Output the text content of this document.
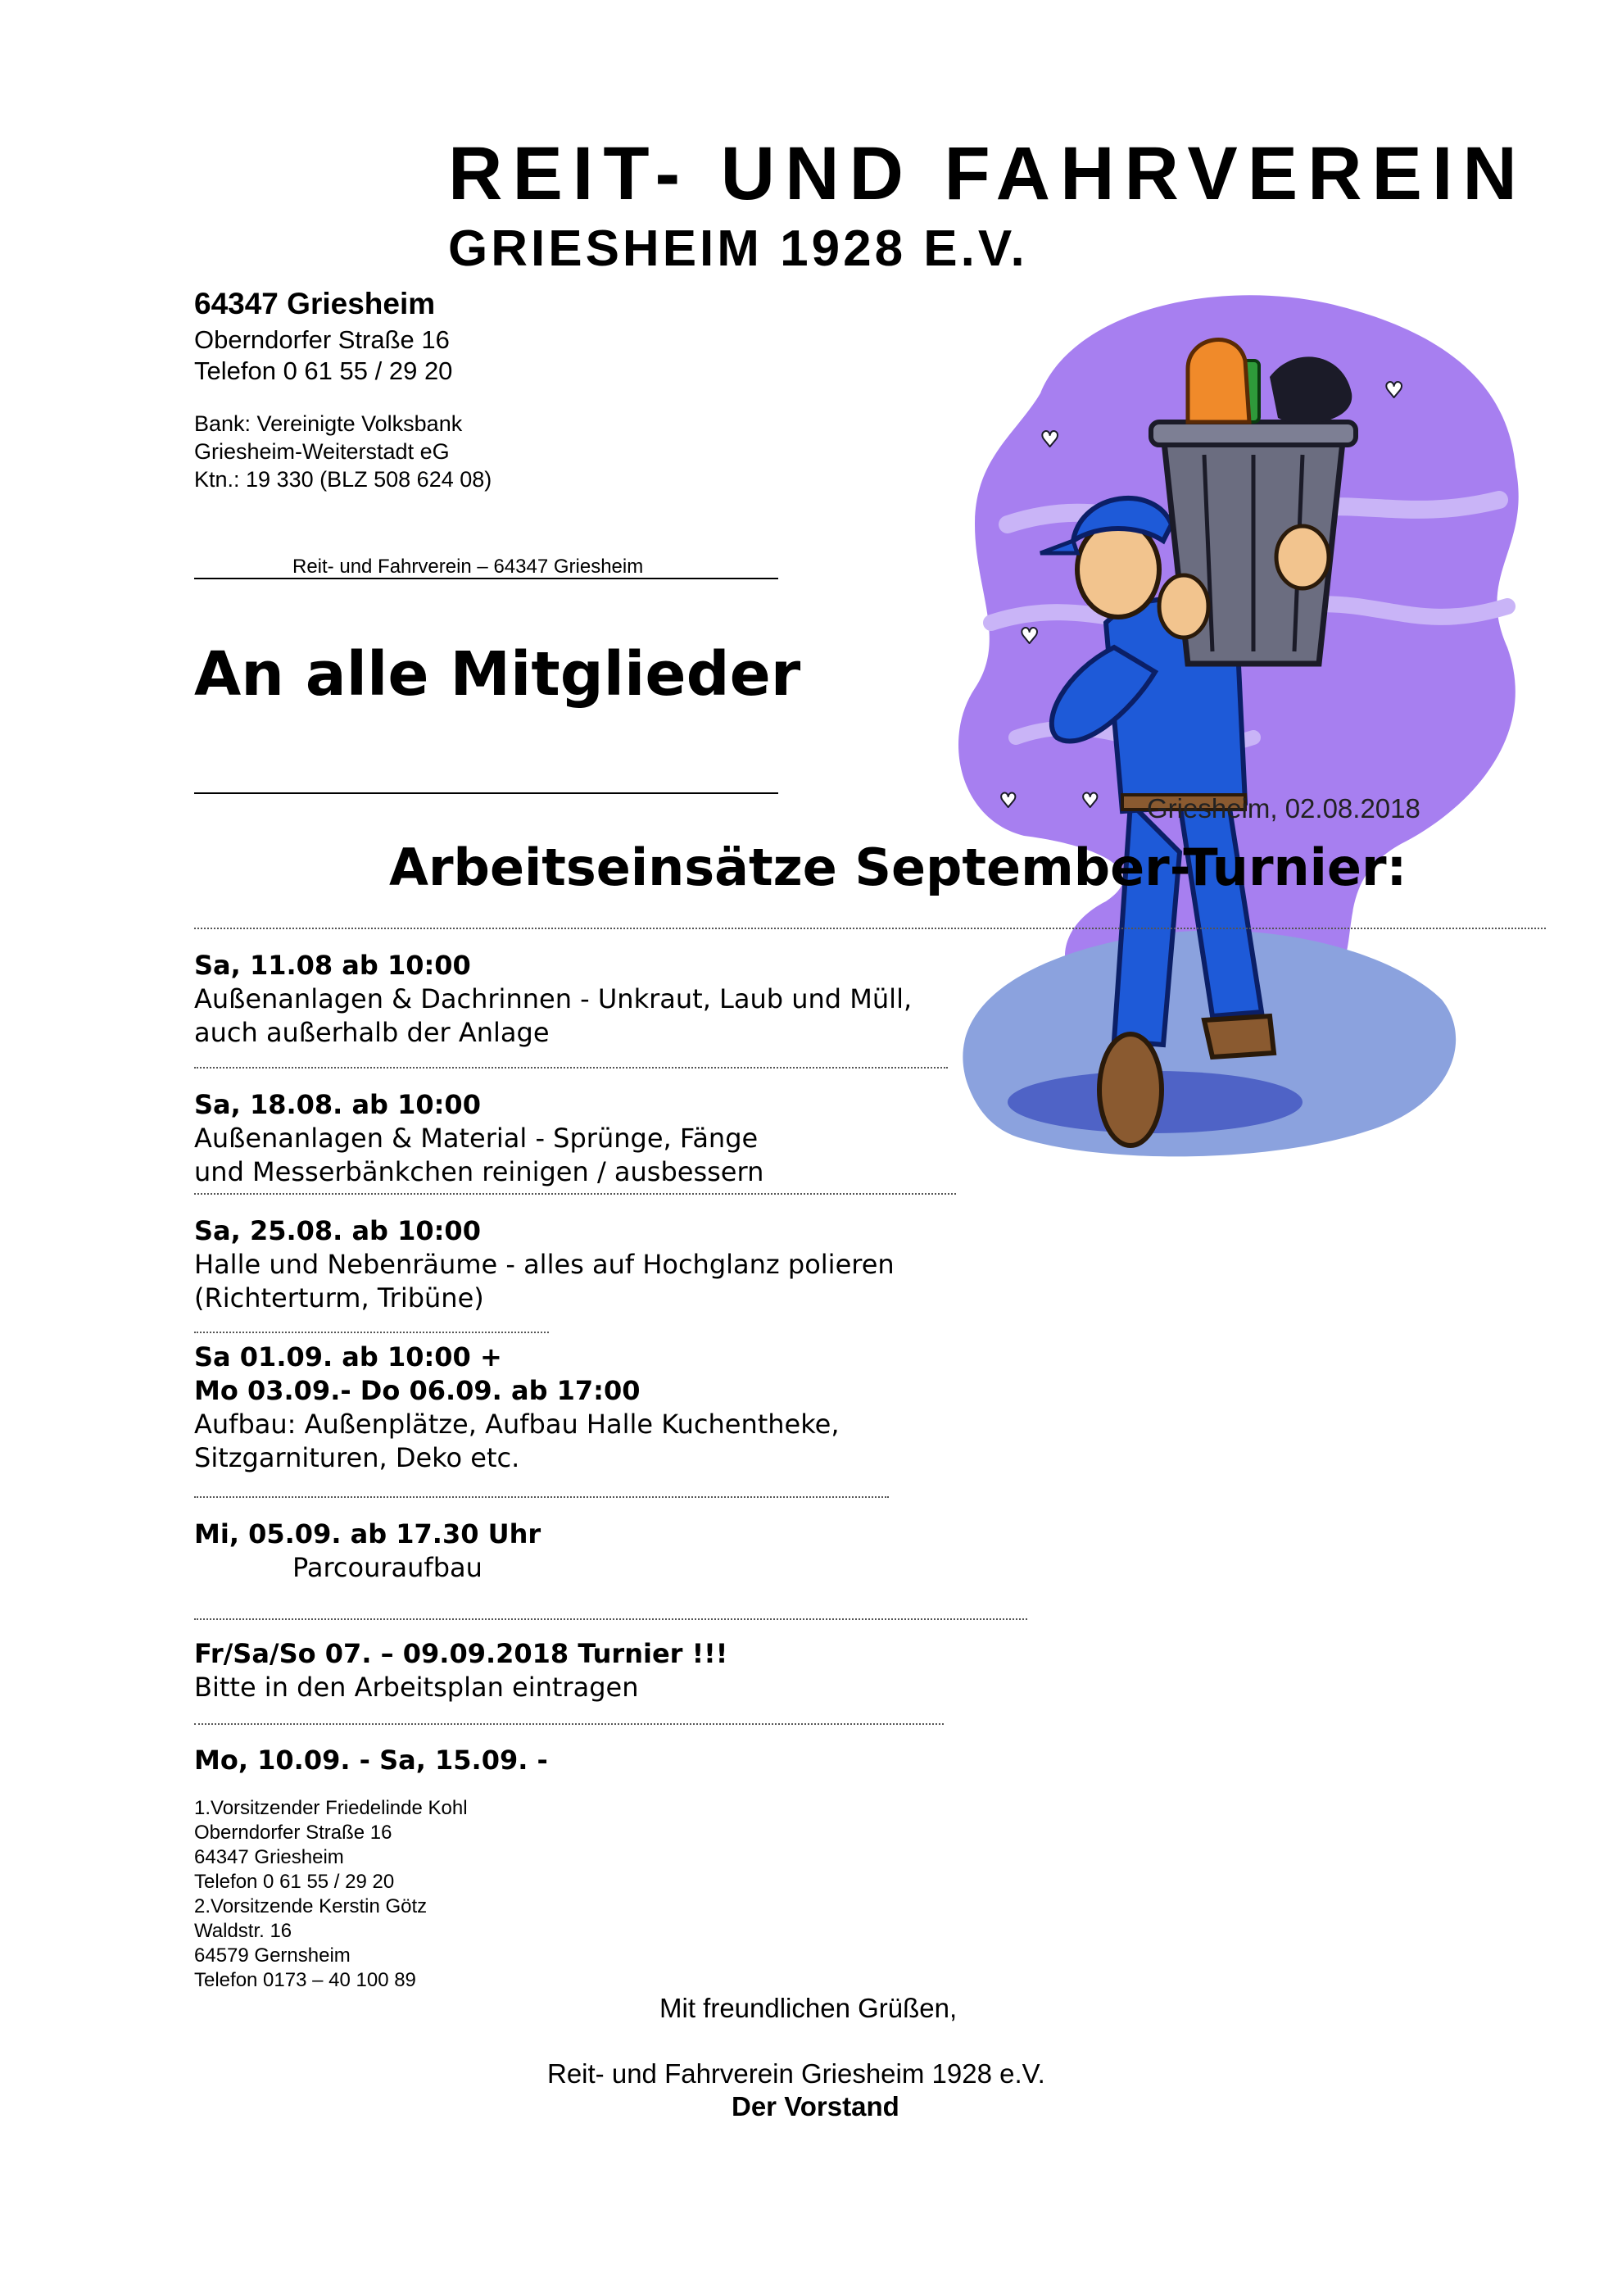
♥
♥
♥
♥
♥
REIT- UND FAHRVEREIN
GRIESHEIM 1928 E.V.
64347 Griesheim
Oberndorfer Straße 16
Telefon 0 61 55 / 29 20
Bank: Vereinigte Volksbank
Griesheim-Weiterstadt eG
Ktn.: 19 330 (BLZ 508 624 08)
Reit- und Fahrverein – 64347 Griesheim
An alle Mitglieder
Griesheim, 02.08.2018
Arbeitseinsätze September-Turnier:
Sa, 11.08 ab 10:00
Außenanlagen & Dachrinnen - Unkraut, Laub und Müll,
auch außerhalb der Anlage
Sa, 18.08. ab 10:00
Außenanlagen & Material - Sprünge, Fänge
und Messerbänkchen reinigen / ausbessern
Sa, 25.08. ab 10:00
Halle und Nebenräume - alles auf Hochglanz polieren
(Richterturm, Tribüne)
Sa 01.09. ab 10:00 +
Mo 03.09.- Do 06.09. ab 17:00
Aufbau: Außenplätze, Aufbau Halle Kuchentheke,
Sitzgarnituren, Deko etc.
Mi, 05.09. ab 17.30 Uhr
Parcouraufbau
Fr/Sa/So 07. – 09.09.2018 Turnier !!!
Bitte in den Arbeitsplan eintragen
Mo, 10.09. - Sa, 15.09. -
1.Vorsitzender Friedelinde Kohl
Oberndorfer Straße 16
64347 Griesheim
Telefon 0 61 55 / 29 20
2.Vorsitzende Kerstin Götz
Waldstr. 16
64579 Gernsheim
Telefon 0173 – 40 100 89
Mit freundlichen Grüßen,
Reit- und Fahrverein Griesheim 1928 e.V.
Der Vorstand
